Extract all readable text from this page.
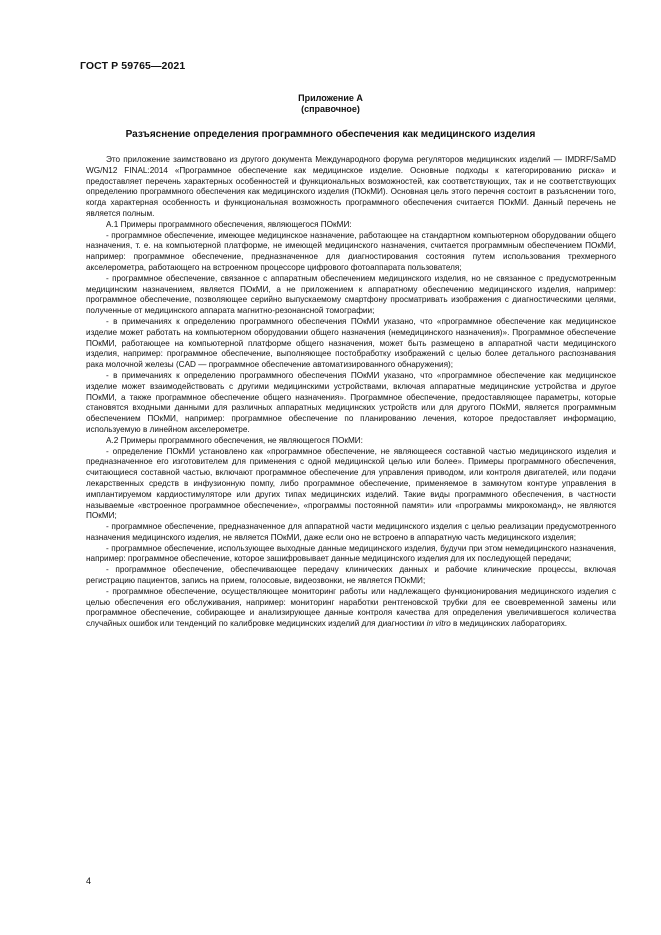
ГОСТ Р 59765—2021
Приложение А
(справочное)
Разъяснение определения программного обеспечения как медицинского изделия

Это приложение заимствовано из другого документа Международного форума регуляторов медицинских изделий — IMDRF/SaMD WG/N12 FINAL:2014 «Программное обеспечение как медицинское изделие. Основные подходы к категорированию риска» и предоставляет перечень характерных особенностей и функциональных возможностей, как соответствующих, так и не соответствующих определению программного обеспечения как медицинского изделия (ПОкМИ). Основная цель этого перечня состоит в разъяснении того, когда характерная особенность и функциональная возможность программного обеспечения считается ПОкМИ. Данный перечень не является полным.

А.1 Примеры программного обеспечения, являющегося ПОкМИ:

- программное обеспечение, имеющее медицинское назначение, работающее на стандартном компьютерном оборудовании общего назначения, т. е. на компьютерной платформе, не имеющей медицинского назначения, считается программным обеспечением ПОкМИ, например: программное обеспечение, предназначенное для диагностирования состояния путем использования трехмерного акселерометра, работающего на встроенном процессоре цифрового фотоаппарата пользователя;

- программное обеспечение, связанное с аппаратным обеспечением медицинского изделия, но не связанное с предусмотренным медицинским назначением, является ПОкМИ, а не приложением к аппаратному обеспечению медицинского изделия, например: программное обеспечение, позволяющее серийно выпускаемому смартфону просматривать изображения с диагностическими целями, полученные от медицинского аппарата магнитно-резонансной томографии;

- в примечаниях к определению программного обеспечения ПОкМИ указано, что «программное обеспечение как медицинское изделие может работать на компьютерном оборудовании общего назначения (немедицинского назначения)». Программное обеспечение ПОкМИ, работающее на компьютерной платформе общего назначения, может быть размещено в аппаратной части медицинского изделия, например: программное обеспечение, выполняющее постобработку изображений с целью более детального распознавания рака молочной железы (CAD — программное обеспечение автоматизированного обнаружения);

- в примечаниях к определению программного обеспечения ПОкМИ указано, что «программное обеспечение как медицинское изделие может взаимодействовать с другими медицинскими устройствами, включая аппаратные медицинские устройства и другое ПОкМИ, а также программное обеспечение общего назначения». Программное обеспечение, предоставляющее параметры, которые становятся входными данными для различных аппаратных медицинских устройств или для другого ПОкМИ, является программным обеспечением ПОкМИ, например: программное обеспечение по планированию лечения, которое предоставляет информацию, используемую в линейном акселерометре.

А.2 Примеры программного обеспечения, не являющегося ПОкМИ:

- определение ПОкМИ установлено как «программное обеспечение, не являющееся составной частью медицинского изделия и предназначенное его изготовителем для применения с одной медицинской целью или более». Примеры программного обеспечения, считающиеся составной частью, включают программное обеспечение для управления приводом, или контроля двигателей, или подачи лекарственных средств в инфузионную помпу, либо программное обеспечение, применяемое в замкнутом контуре управления в имплантируемом кардиостимуляторе или других типах медицинских изделий. Такие виды программного обеспечения, в частности называемые «встроенное программное обеспечение», «программы постоянной памяти» или «программы микрокоманд», не являются ПОкМИ;

- программное обеспечение, предназначенное для аппаратной части медицинского изделия с целью реализации предусмотренного назначения медицинского изделия, не является ПОкМИ, даже если оно не встроено в аппаратную часть медицинского изделия;

- программное обеспечение, использующее выходные данные медицинского изделия, будучи при этом немедицинского назначения, например: программное обеспечение, которое зашифровывает данные медицинского изделия для их последующей передачи;

- программное обеспечение, обеспечивающее передачу клинических данных и рабочие клинические процессы, включая регистрацию пациентов, запись на прием, голосовые, видеозвонки, не является ПОкМИ;

- программное обеспечение, осуществляющее мониторинг работы или надлежащего функционирования медицинского изделия с целью обеспечения его обслуживания, например: мониторинг наработки рентгеновской трубки для ее своевременной замены или программное обеспечение, собирающее и анализирующее данные контроля качества для определения увеличившегося количества случайных ошибок или тенденций по калибровке медицинских изделий для диагностики in vitro в медицинских лабораториях.

4
